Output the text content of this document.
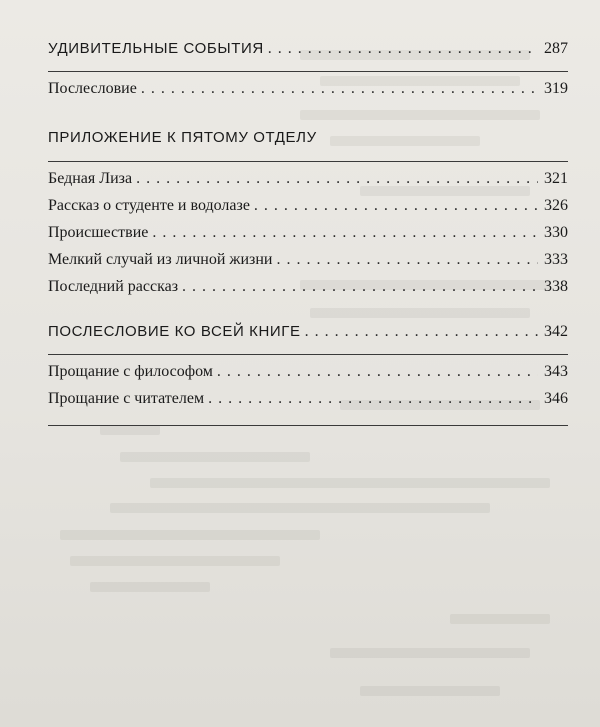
УДИВИТЕЛЬНЫЕ СОБЫТИЯ . . .	287
Послесловие . . .	319
ПРИЛОЖЕНИЕ К ПЯТОМУ ОТДЕЛУ
Бедная Лиза . . .	321
Рассказ о студенте и водолазе . . .	326
Происшествие . . .	330
Мелкий случай из личной жизни . . .	333
Последний рассказ . . .	338
ПОСЛЕСЛОВИЕ КО ВСЕЙ КНИГЕ . . .	342
Прощание с философом . . .	343
Прощание с читателем . . .	346
